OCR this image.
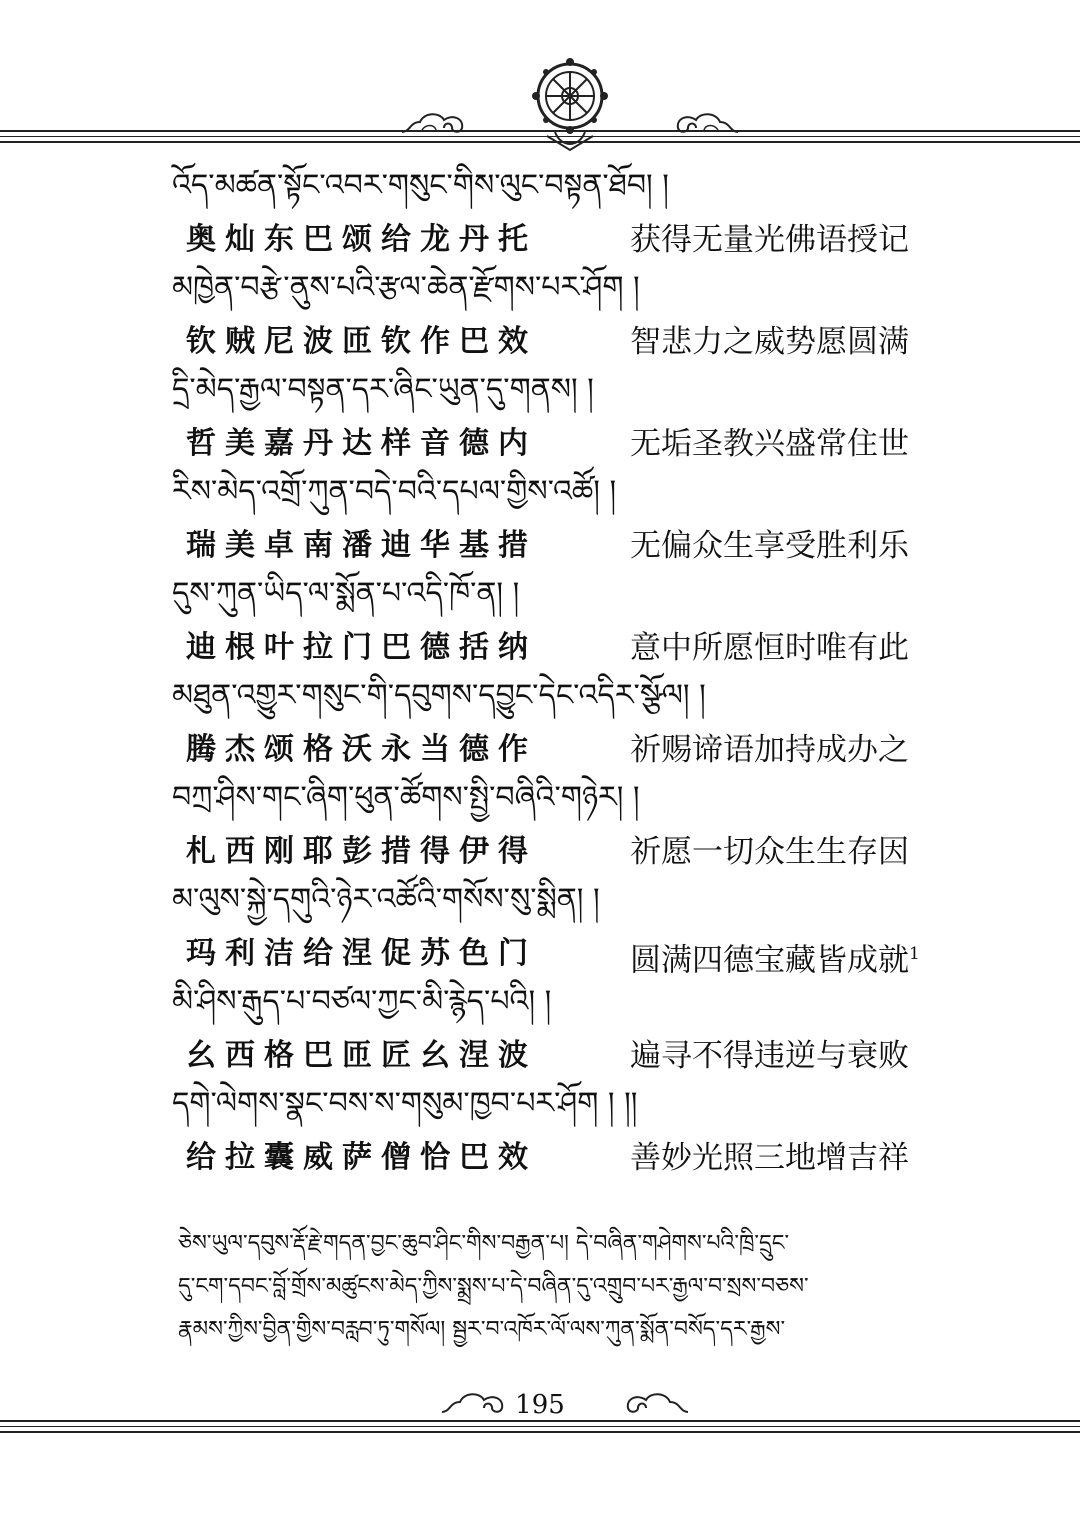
འོད་མཚན་སྟོང་འབར་གསུང་གིས་ལུང་བསྟན་ཐོབ། །
奥灿东巴颂给龙丹托	获得无量光佛语授记
མཁྱེན་བརྩེ་ནུས་པའི་རྩལ་ཆེན་རྫོགས་པར་ཤོག །
钦贼尼波匝钦作巴效	智悲力之威势愿圆满
དྲི་མེད་རྒྱལ་བསྟན་དར་ཞིང་ཡུན་དུ་གནས། །
哲美嘉丹达样音德内	无垢圣教兴盛常住世
རིས་མེད་འགྲོ་ཀུན་བདེ་བའི་དཔལ་གྱིས་འཚོ། །
瑞美卓南潘迪华基措	无偏众生享受胜利乐
དུས་ཀུན་ཡིད་ལ་སྨོན་པ་འདི་ཁོ་ན། །
迪根叶拉门巴德括纳	意中所愿恒时唯有此
མཐུན་འགྱུར་གསུང་གི་དབུགས་དབྱུང་དེང་འདིར་སྩོལ། །
腾杰颂格沃永当德作	祈赐谛语加持成办之
བཀྲ་ཤིས་གང་ཞིག་ཕུན་ཚོགས་སྤྱི་བཞིའི་གཉེར། །
札西刚耶彭措得伊得	祈愿一切众生生存因
མ་ལུས་སྐྱེ་དགུའི་ཉེར་འཚོའི་གསོས་སུ་སྨིན། །
玛利洁给涅促苏色门	圆满四德宝藏皆成就$^1$
མི་ཤིས་རྒུད་པ་བཙལ་ཀྱང་མི་རྙེད་པའི། །
幺西格巴匝匠幺涅波	遍寻不得违逆与衰败
དགེ་ལེགས་སྣང་བས་ས་གསུམ་ཁྱབ་པར་ཤོག ། །།
给拉囊威萨僧恰巴效	善妙光照三地增吉祥
ཅེས་ཡུལ་དབུས་རྡོ་རྗེ་གདན་བྱང་ཆུབ་ཤིང་གིས་བརྒྱན་པ། དེ་བཞིན་གཤེགས་པའི་ཁྲི་དྲུང་
དུ་ངག་དབང་བློ་གྲོས་མཚུངས་མེད་ཀྱིས་སྨྲས་པ་དེ་བཞིན་དུ་འགྲུབ་པར་རྒྱལ་བ་སྲས་བཅས་
རྣམས་ཀྱིས་བྱིན་གྱིས་བརླབ་ཏུ་གསོལ། སྦྱར་བ་འཁོར་ལོ་ལས་ཀུན་སྨོན་བསོད་དར་རྒྱས་
195
